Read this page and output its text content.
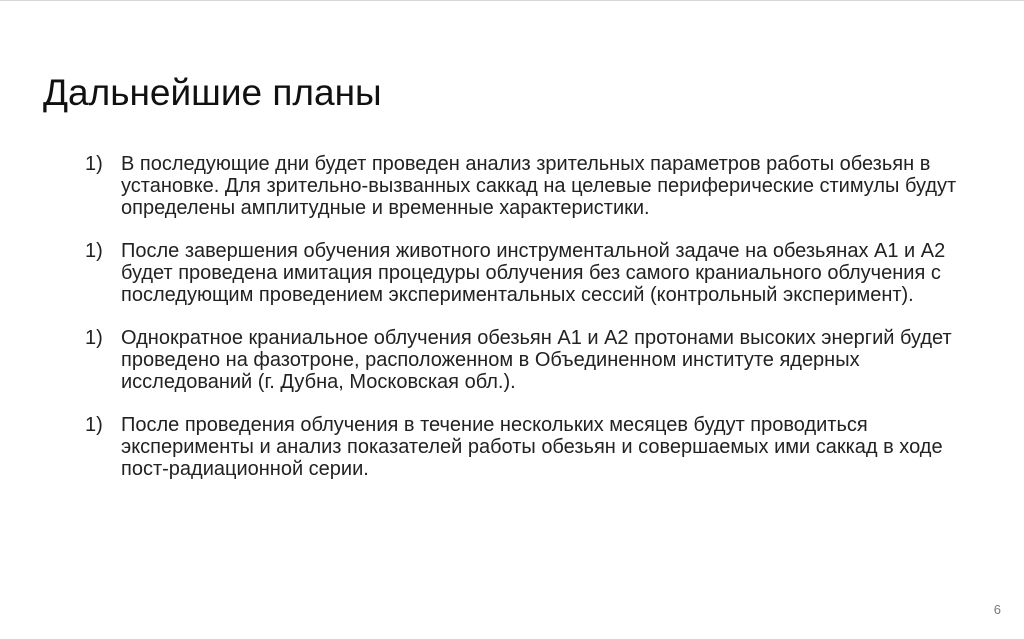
Дальнейшие планы
1) В последующие дни будет проведен анализ зрительных параметров работы обезьян в установке. Для зрительно-вызванных саккад на целевые периферические стимулы будут определены амплитудные и временные характеристики.
1) После завершения обучения животного инструментальной задаче на обезьянах А1 и А2 будет проведена имитация процедуры облучения без самого краниального облучения с последующим проведением экспериментальных сессий (контрольный эксперимент).
1) Однократное краниальное облучения обезьян А1 и А2 протонами высоких энергий будет проведено на фазотроне, расположенном в Объединенном институте ядерных исследований (г. Дубна, Московская обл.).
1) После проведения облучения в течение нескольких месяцев будут проводиться эксперименты и анализ показателей работы обезьян и совершаемых ими саккад в ходе пост-радиационной серии.
6
